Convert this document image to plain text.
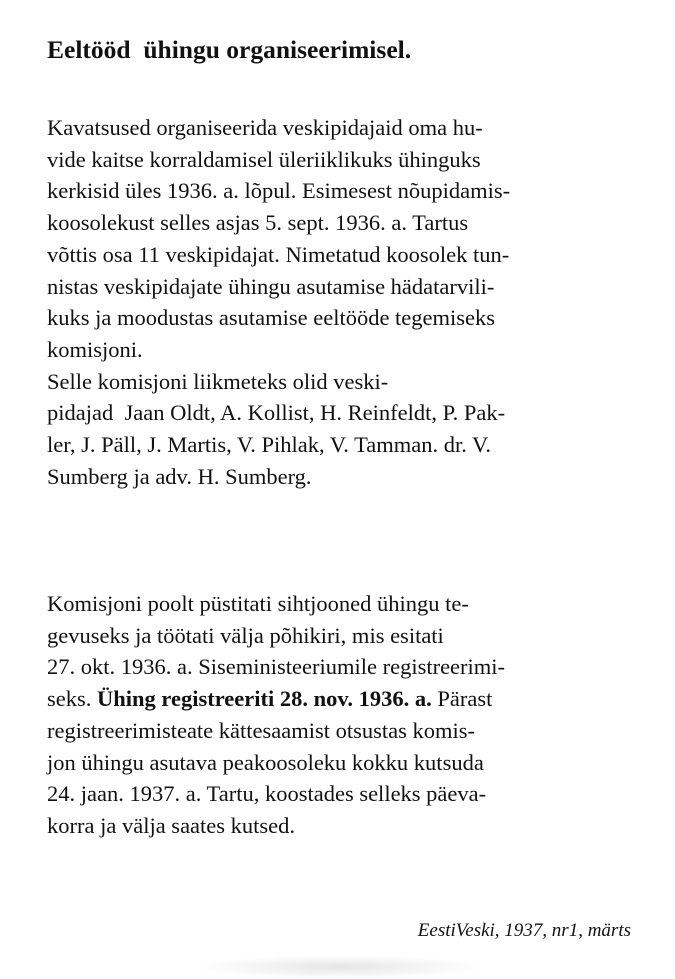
Eeltööd  ühingu organiseerimisel.
Kavatsused organiseerida veskipidajaid oma hu-
vide kaitse korraldamisel üleriiklikuks ühinguks
kerkisid üles 1936. a. lõpul. Esimesest nõupidamis-
koosolekust selles asjas 5. sept. 1936. a. Tartus
võttis osa 11 veskipidajat. Nimetatud koosolek tun-
nistas veskipidajate ühingu asutamise hädatarvili-
kuks ja moodustas asutamise eeltööde tegemiseks
komisjoni.
Selle komisjoni liikmeteks olid veski-
pidajad  Jaan Oldt, A. Kollist, H. Reinfeldt, P. Pak-
ler, J. Päll, J. Martis, V. Pihlak, V. Tamman. dr. V.
Sumberg ja adv. H. Sumberg.
Komisjoni poolt püstitati sihtjooned ühingu te-
gevuseks ja töötati välja põhikiri, mis esitati
27. okt. 1936. a. Siseministeeriumile registreerimi-
seks. Ühing registreeriti 28. nov. 1936. a. Pärast
registreerimisteate kättesaamist otsustas komis-
jon ühingu asutava peakoosoleku kokku kutsuda
24. jaan. 1937. a. Tartu, koostades selleks päeva-
korra ja välja saates kutsed.

EestiVeski, 1937, nr1, märts
